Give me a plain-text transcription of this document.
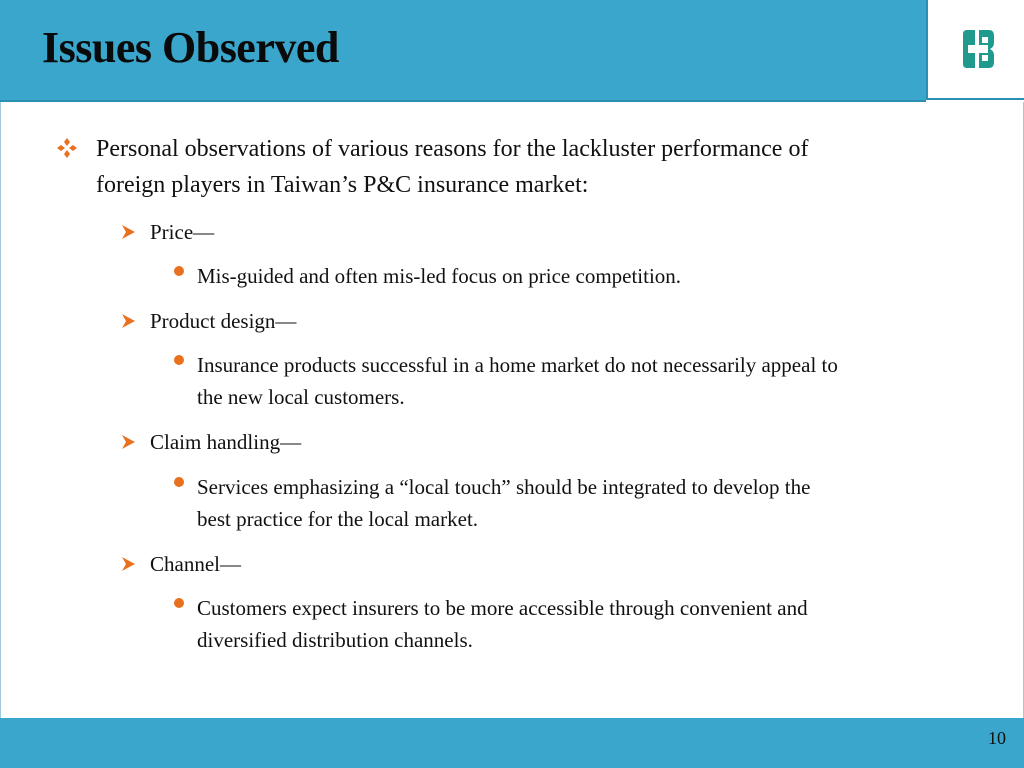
Issues Observed
Personal observations of various reasons for the lackluster performance of
foreign players in Taiwan’s P&C insurance market:
Price—
Mis-guided and often mis-led focus on price competition.
Product design—
Insurance products successful in a home market do not necessarily appeal to
the new local customers.
Claim handling—
Services emphasizing a “local touch” should be integrated to develop the
best practice for the local market.
Channel—
Customers expect insurers to be more accessible through convenient and
diversified distribution channels.
10
